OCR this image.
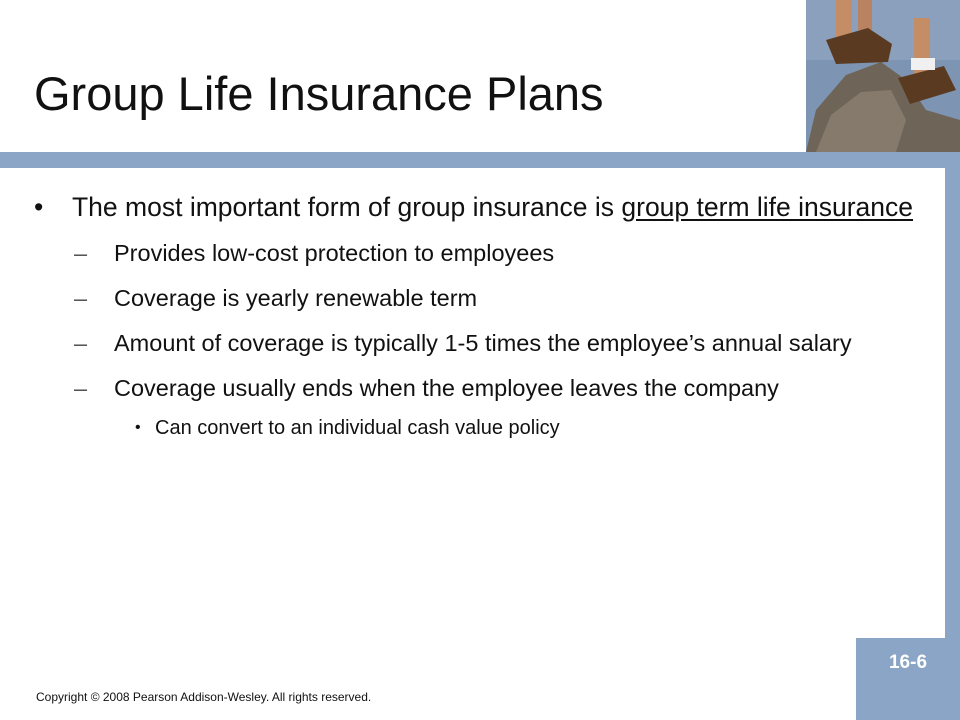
Group Life Insurance Plans
• The most important form of group insurance is group term life insurance
– Provides low-cost protection to employees
– Coverage is yearly renewable term
– Amount of coverage is typically 1-5 times the employee’s annual salary
– Coverage usually ends when the employee leaves the company
• Can convert to an individual cash value policy
Copyright © 2008 Pearson Addison-Wesley. All rights reserved.
16-6
